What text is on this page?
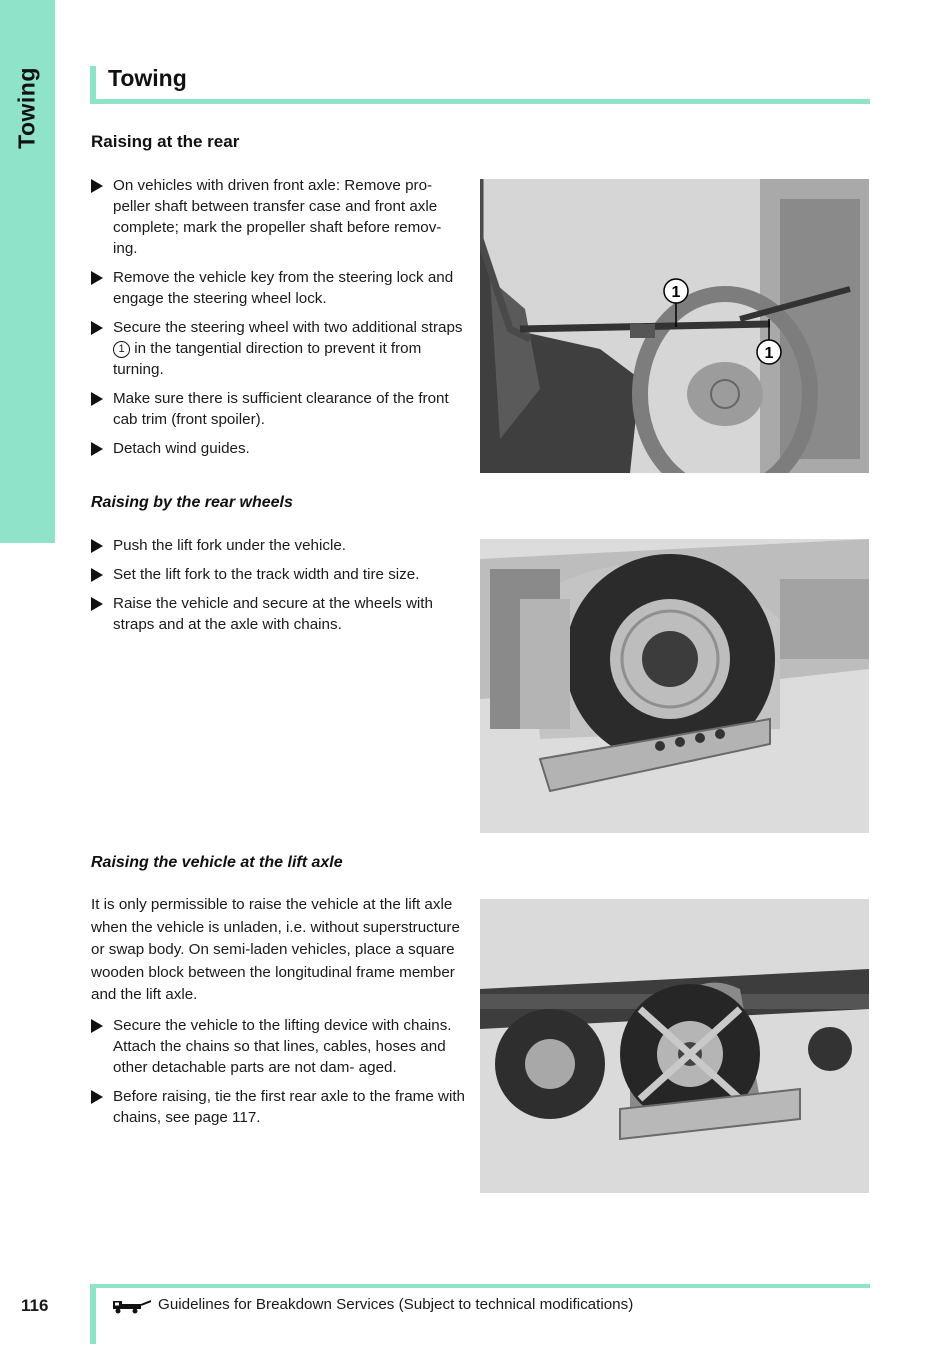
Towing	Towing
Raising at the rear
On vehicles with driven front axle: Remove pro- peller shaft between transfer case and front axle complete; mark the propeller shaft before remov- ing.
Remove the vehicle key from the steering lock and engage the steering wheel lock.
Secure the steering wheel with two additional straps 1 in the tangential direction to prevent it from turning.
Make sure there is sufficient clearance of the front cab trim (front spoiler).
Detach wind guides.
1
1
Raising by the rear wheels
Push the lift fork under the vehicle.
Set the lift fork to the track width and tire size.
Raise the vehicle and secure at the wheels with straps and at the axle with chains.
Raising the vehicle at the lift axle

It is only permissible to raise the vehicle at the lift axle when the vehicle is unladen, i.e. without superstructure or swap body. On semi-laden vehicles, place a square wooden block between the longitudinal frame member and the lift axle.

Secure the vehicle to the lifting device with chains. Attach the chains so that lines, cables, hoses and other detachable parts are not dam- aged.
Before raising, tie the first rear axle to the frame with chains, see page 117.
116	Guidelines for Breakdown Services (Subject to technical modifications)
